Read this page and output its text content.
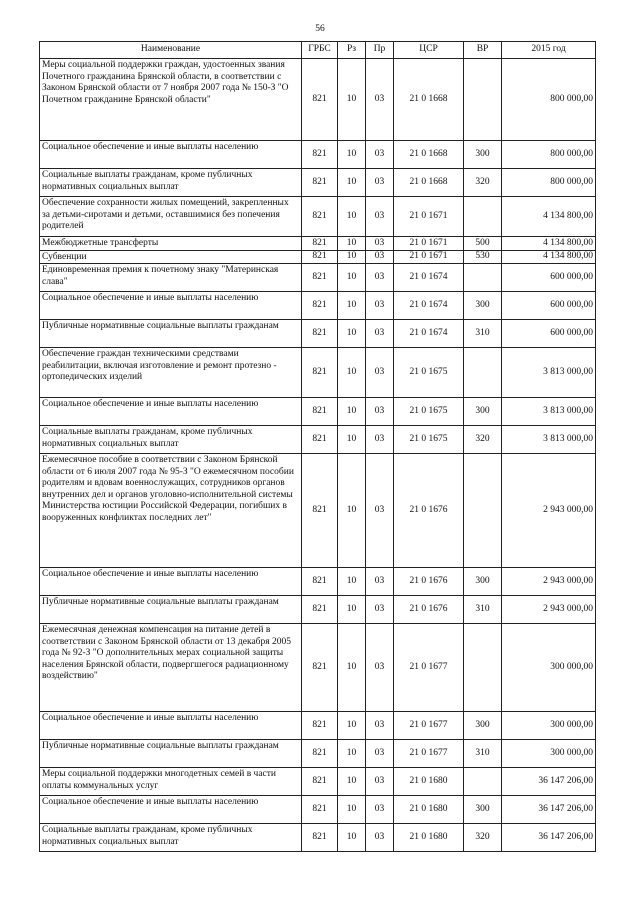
56
Наименование	ГРБС	Рз	Пр	ЦСР	ВР	2015 год
Меры социальной поддержки граждан, удостоенных звания Почетного гражданина Брянской области, в соответствии с Законом Брянской области от 7 ноября 2007 года № 150-З "О Почетном гражданине Брянской области"	821	10	03	21 0 1668		800 000,00
Социальное обеспечение и иные выплаты населению	821	10	03	21 0 1668	300	800 000,00
Социальные выплаты гражданам, кроме публичных нормативных социальных выплат	821	10	03	21 0 1668	320	800 000,00
Обеспечение сохранности жилых помещений, закрепленных за детьми-сиротами и детьми, оставшимися без попечения родителей	821	10	03	21 0 1671		4 134 800,00
Межбюджетные трансферты	821	10	03	21 0 1671	500	4 134 800,00
Субвенции	821	10	03	21 0 1671	530	4 134 800,00
Единовременная премия к почетному знаку "Материнская слава"	821	10	03	21 0 1674		600 000,00
Социальное обеспечение и иные выплаты населению	821	10	03	21 0 1674	300	600 000,00
Публичные нормативные социальные выплаты гражданам	821	10	03	21 0 1674	310	600 000,00
Обеспечение граждан техническими средствами реабилитации, включая изготовление и ремонт протезно - ортопедических изделий	821	10	03	21 0 1675		3 813 000,00
Социальное обеспечение и иные выплаты населению	821	10	03	21 0 1675	300	3 813 000,00
Социальные выплаты гражданам, кроме публичных нормативных социальных выплат	821	10	03	21 0 1675	320	3 813 000,00
Ежемесячное пособие в соответствии с Законом Брянской области от 6 июля 2007 года № 95-З "О ежемесячном пособии родителям и вдовам военнослужащих, сотрудников органов внутренних дел и органов уголовно-исполнительной системы Министерства юстиции Российской Федерации, погибших в вооруженных конфликтах последних лет"	821	10	03	21 0 1676		2 943 000,00
Социальное обеспечение и иные выплаты населению	821	10	03	21 0 1676	300	2 943 000,00
Публичные нормативные социальные выплаты гражданам	821	10	03	21 0 1676	310	2 943 000,00
Ежемесячная денежная компенсация на питание детей в соответствии с Законом Брянской области от 13 декабря 2005 года № 92-З "О дополнительных мерах социальной защиты населения Брянской области, подвергшегося радиационному воздействию"	821	10	03	21 0 1677		300 000,00
Социальное обеспечение и иные выплаты населению	821	10	03	21 0 1677	300	300 000,00
Публичные нормативные социальные выплаты гражданам	821	10	03	21 0 1677	310	300 000,00
Меры социальной поддержки многодетных семей в части оплаты коммунальных услуг	821	10	03	21 0 1680		36 147 206,00
Социальное обеспечение и иные выплаты населению	821	10	03	21 0 1680	300	36 147 206,00
Социальные выплаты гражданам, кроме публичных нормативных социальных выплат	821	10	03	21 0 1680	320	36 147 206,00
